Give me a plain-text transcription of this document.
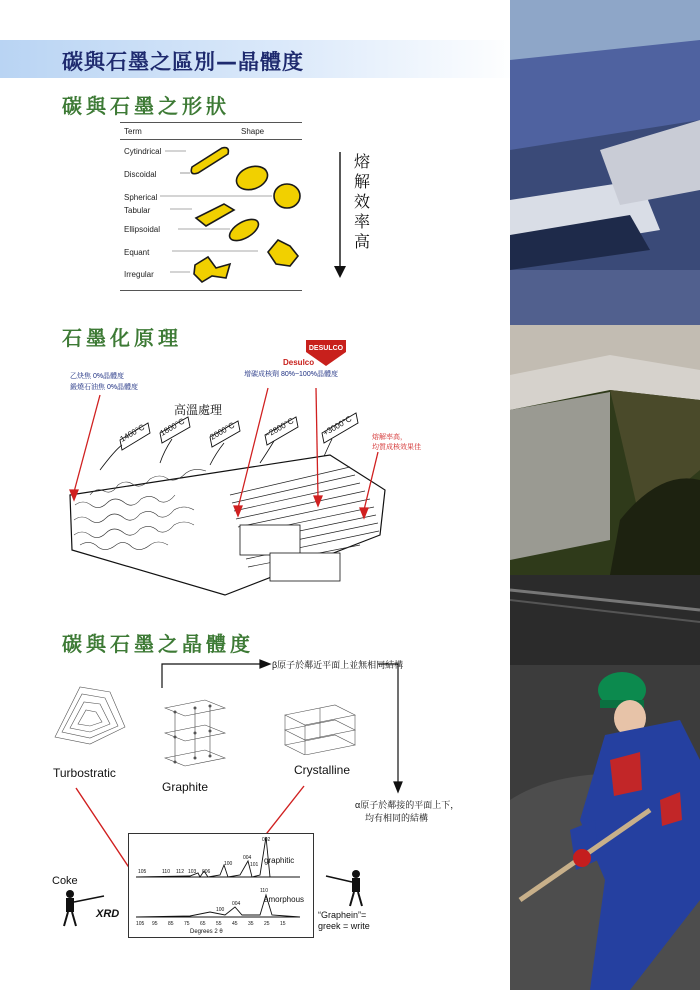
碳與石墨之區別—晶體度
碳與石墨之形狀
Term	Shape
Cytindrical
Discoidal
Spherical
Tabular
Ellipsoidal
Equant
Irregular
熔
解
效
率
高
石墨化原理
乙炔焦 0%晶體度
鍛燒石油焦 0%晶體度
DESULCO
Desulco
增碳成核劑 80%~100%晶體度
高溫處理
熔解率高，
均質成核效果佳
1400°C 1800°C	2000°C	~2800°C	+3000°C
碳與石墨之晶體度
β原子於鄰近平面上並無相同結構
α原子於鄰接的平面上下，
均有相同的結構
Turbostratic
Graphite
Crystalline
002
004
101
100
110 112 103 006
105
100
004
110
105 95 85 75 65 55 45 35 25 15
Degrees 2 θ
graphitic
amorphous
Coke
XRD	“Graphein”=
greek = write
